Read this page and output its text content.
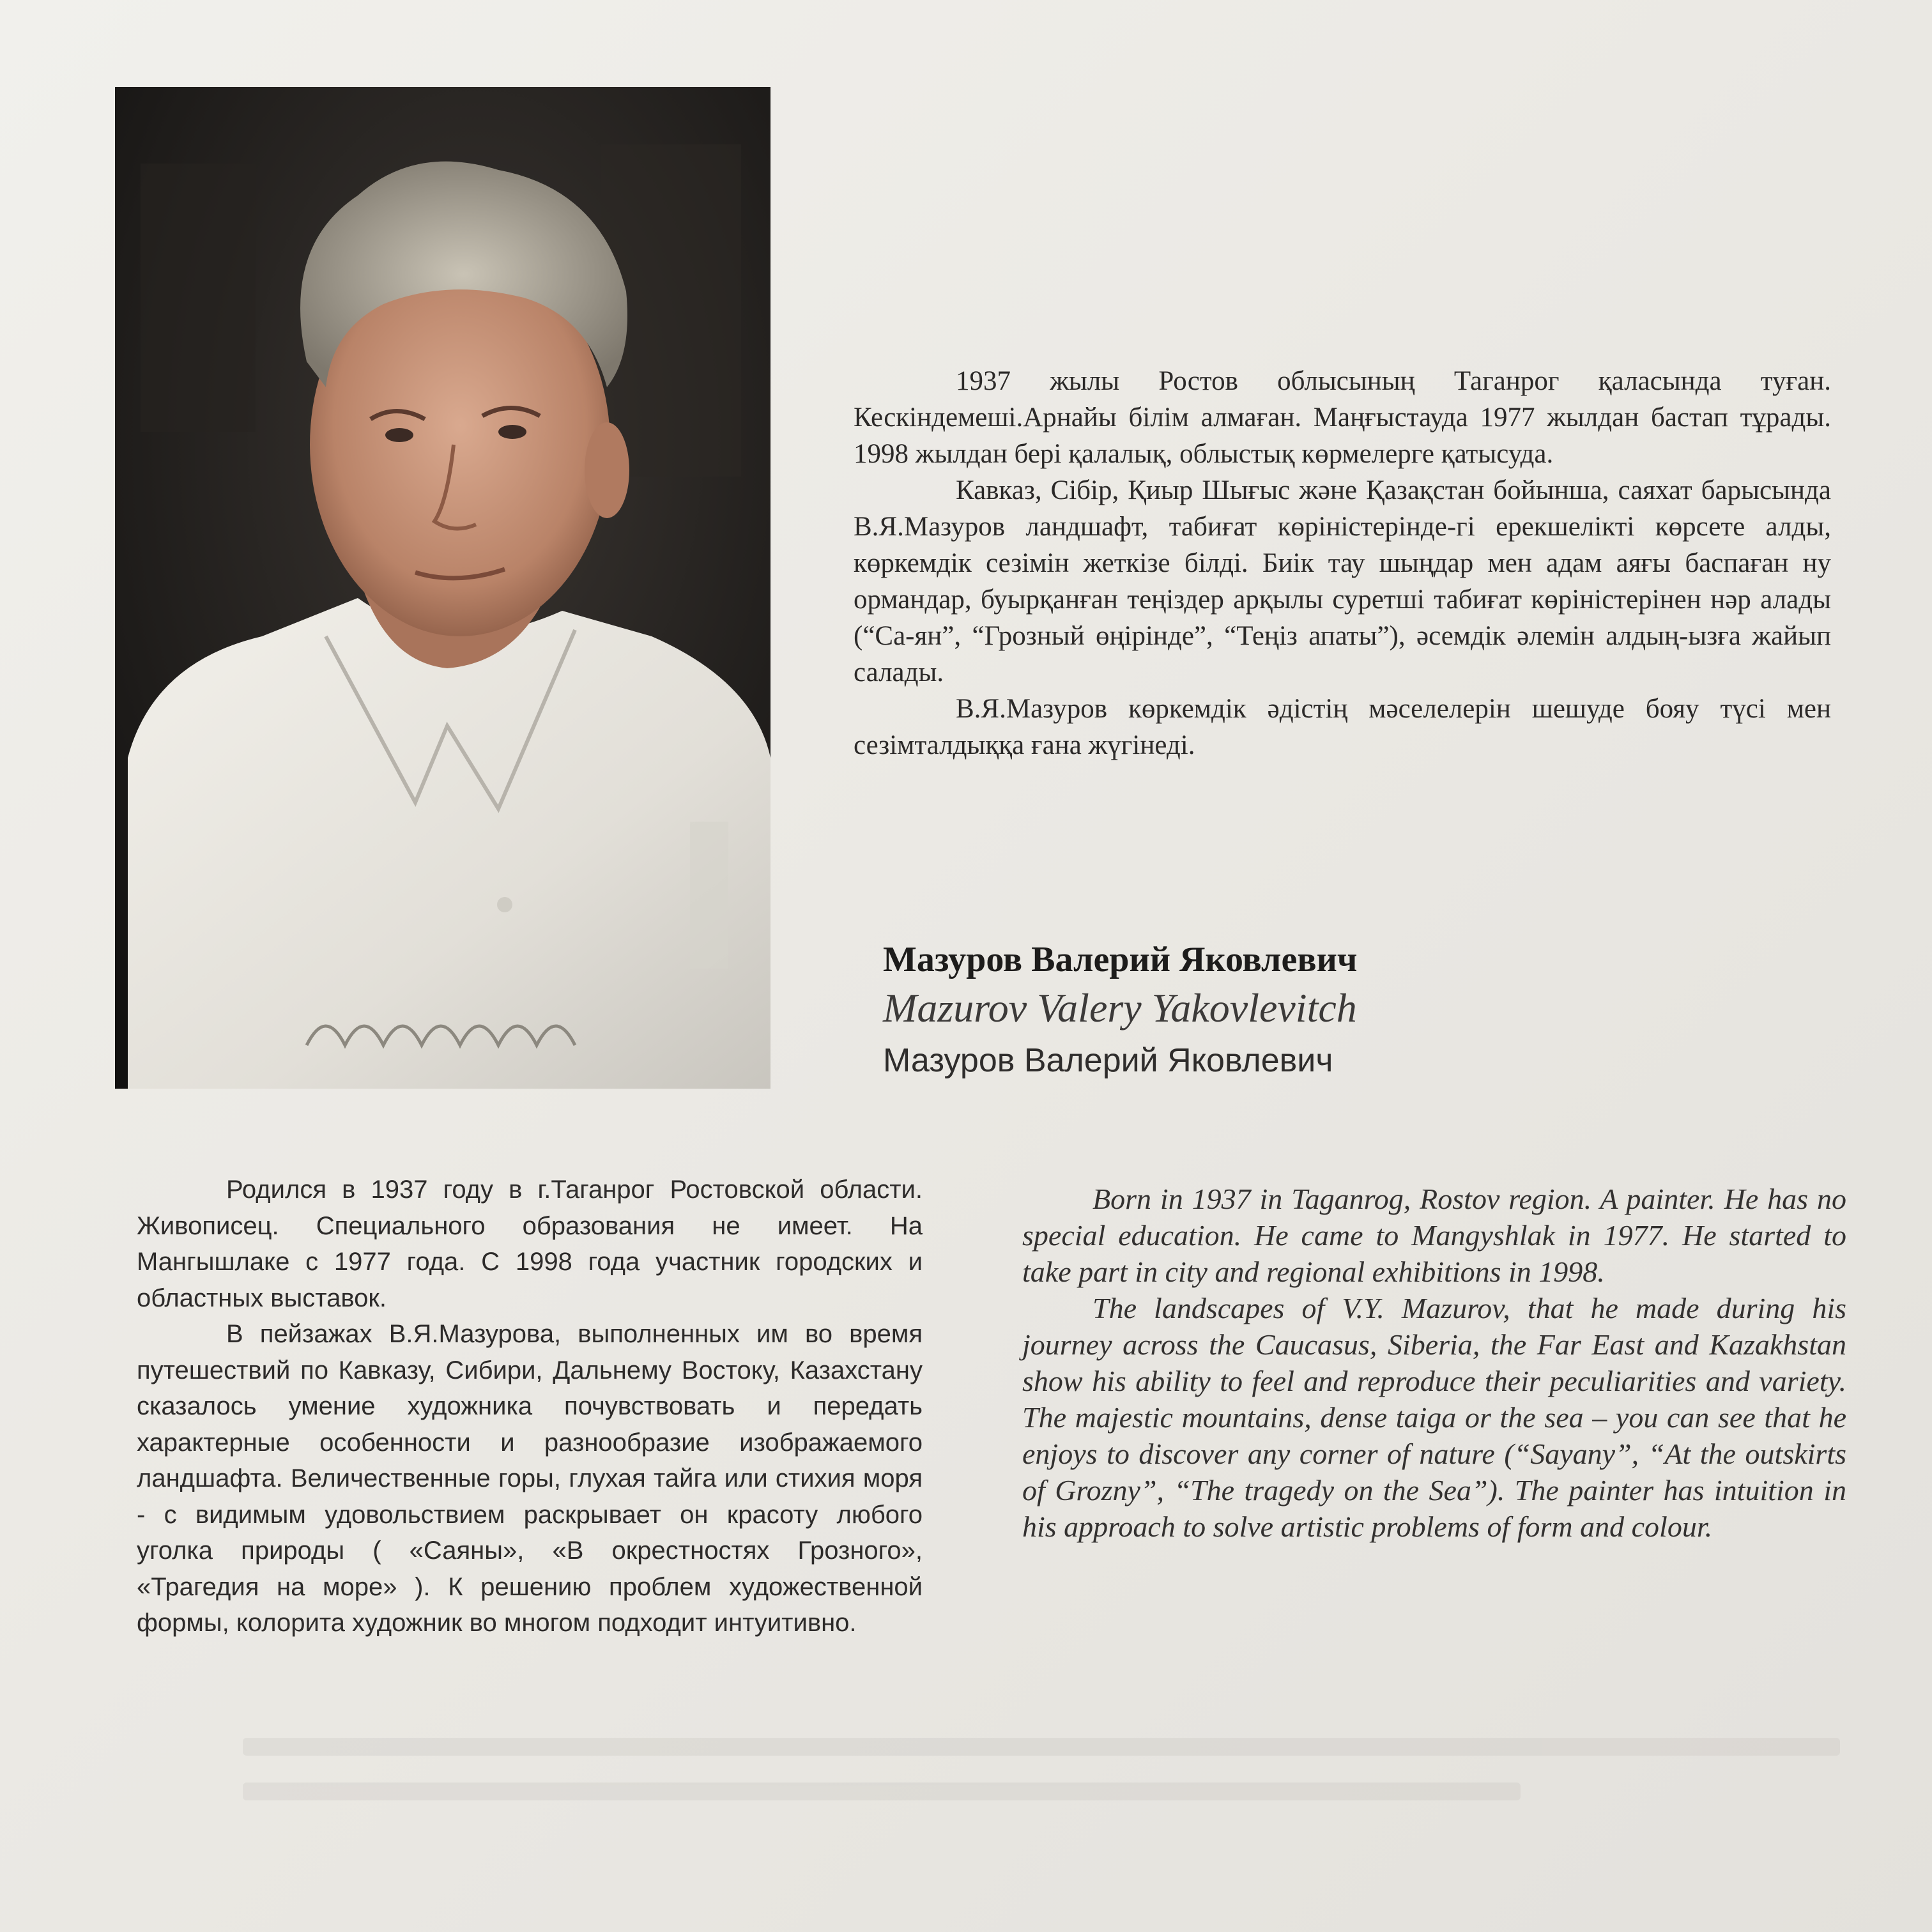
1937 жылы Ростов облысының Таганрог қаласында туған. Кескіндемеші.Арнайы білім алмаған. Маңғыстауда 1977 жылдан бастап тұрады. 1998 жылдан бері қалалық, облыстық көрмелерге қатысуда.

Кавказ, Сібір, Қиыр Шығыс және Қазақстан бойынша, саяхат барысында В.Я.Мазуров ландшафт, табиғат көріністерінде-гі ерекшелікті көрсете алды, көркемдік сезімін жеткізе білді. Биік тау шыңдар мен адам аяғы баспаған ну ормандар, буырқанған теңіздер арқылы суретші табиғат көріністерінен нәр алады (“Са-ян”, “Грозный өңірінде”, “Теңіз апаты”), әсемдік әлемін алдың-ызға жайып салады.

В.Я.Мазуров көркемдік әдістің мәселелерін шешуде бояу түсі мен сезімталдыққа ғана жүгінеді.

Мазуров Валерий Яковлевич
Mazurov Valery Yakovlevitch
Мазуров Валерий Яковлевич

Родился в 1937 году в г.Таганрог Ростовской области. Живописец. Специального образования не имеет. На Мангышлаке с 1977 года. С 1998 года участник городских и областных выставок.

В пейзажах В.Я.Мазурова, выполненных им во время путешествий по Кавказу, Сибири, Дальнему Востоку, Казахстану сказалось умение художника почувствовать и передать характерные особенности и разнообразие изображаемого ландшафта. Величественные горы, глухая тайга или стихия моря - с видимым удовольствием раскрывает он красоту любого уголка природы ( «Саяны», «В окрестностях Грозного», «Трагедия на море» ). К решению проблем художественной формы, колорита художник во многом подходит интуитивно.

Born in 1937 in Taganrog, Rostov region. A painter. He has no special education. He came to Mangyshlak in 1977. He started to take part in city and regional exhibitions in 1998.

The landscapes of V.Y. Mazurov, that he made during his journey across the Caucasus, Siberia, the Far East and Kazakhstan show his ability to feel and reproduce their peculiarities and variety. The majestic mountains, dense taiga or the sea – you can see that he enjoys to discover any corner of nature (“Sayany”, “At the outskirts of Grozny”, “The tragedy on the Sea”). The painter has intuition in his approach to solve artistic problems of form and colour.
